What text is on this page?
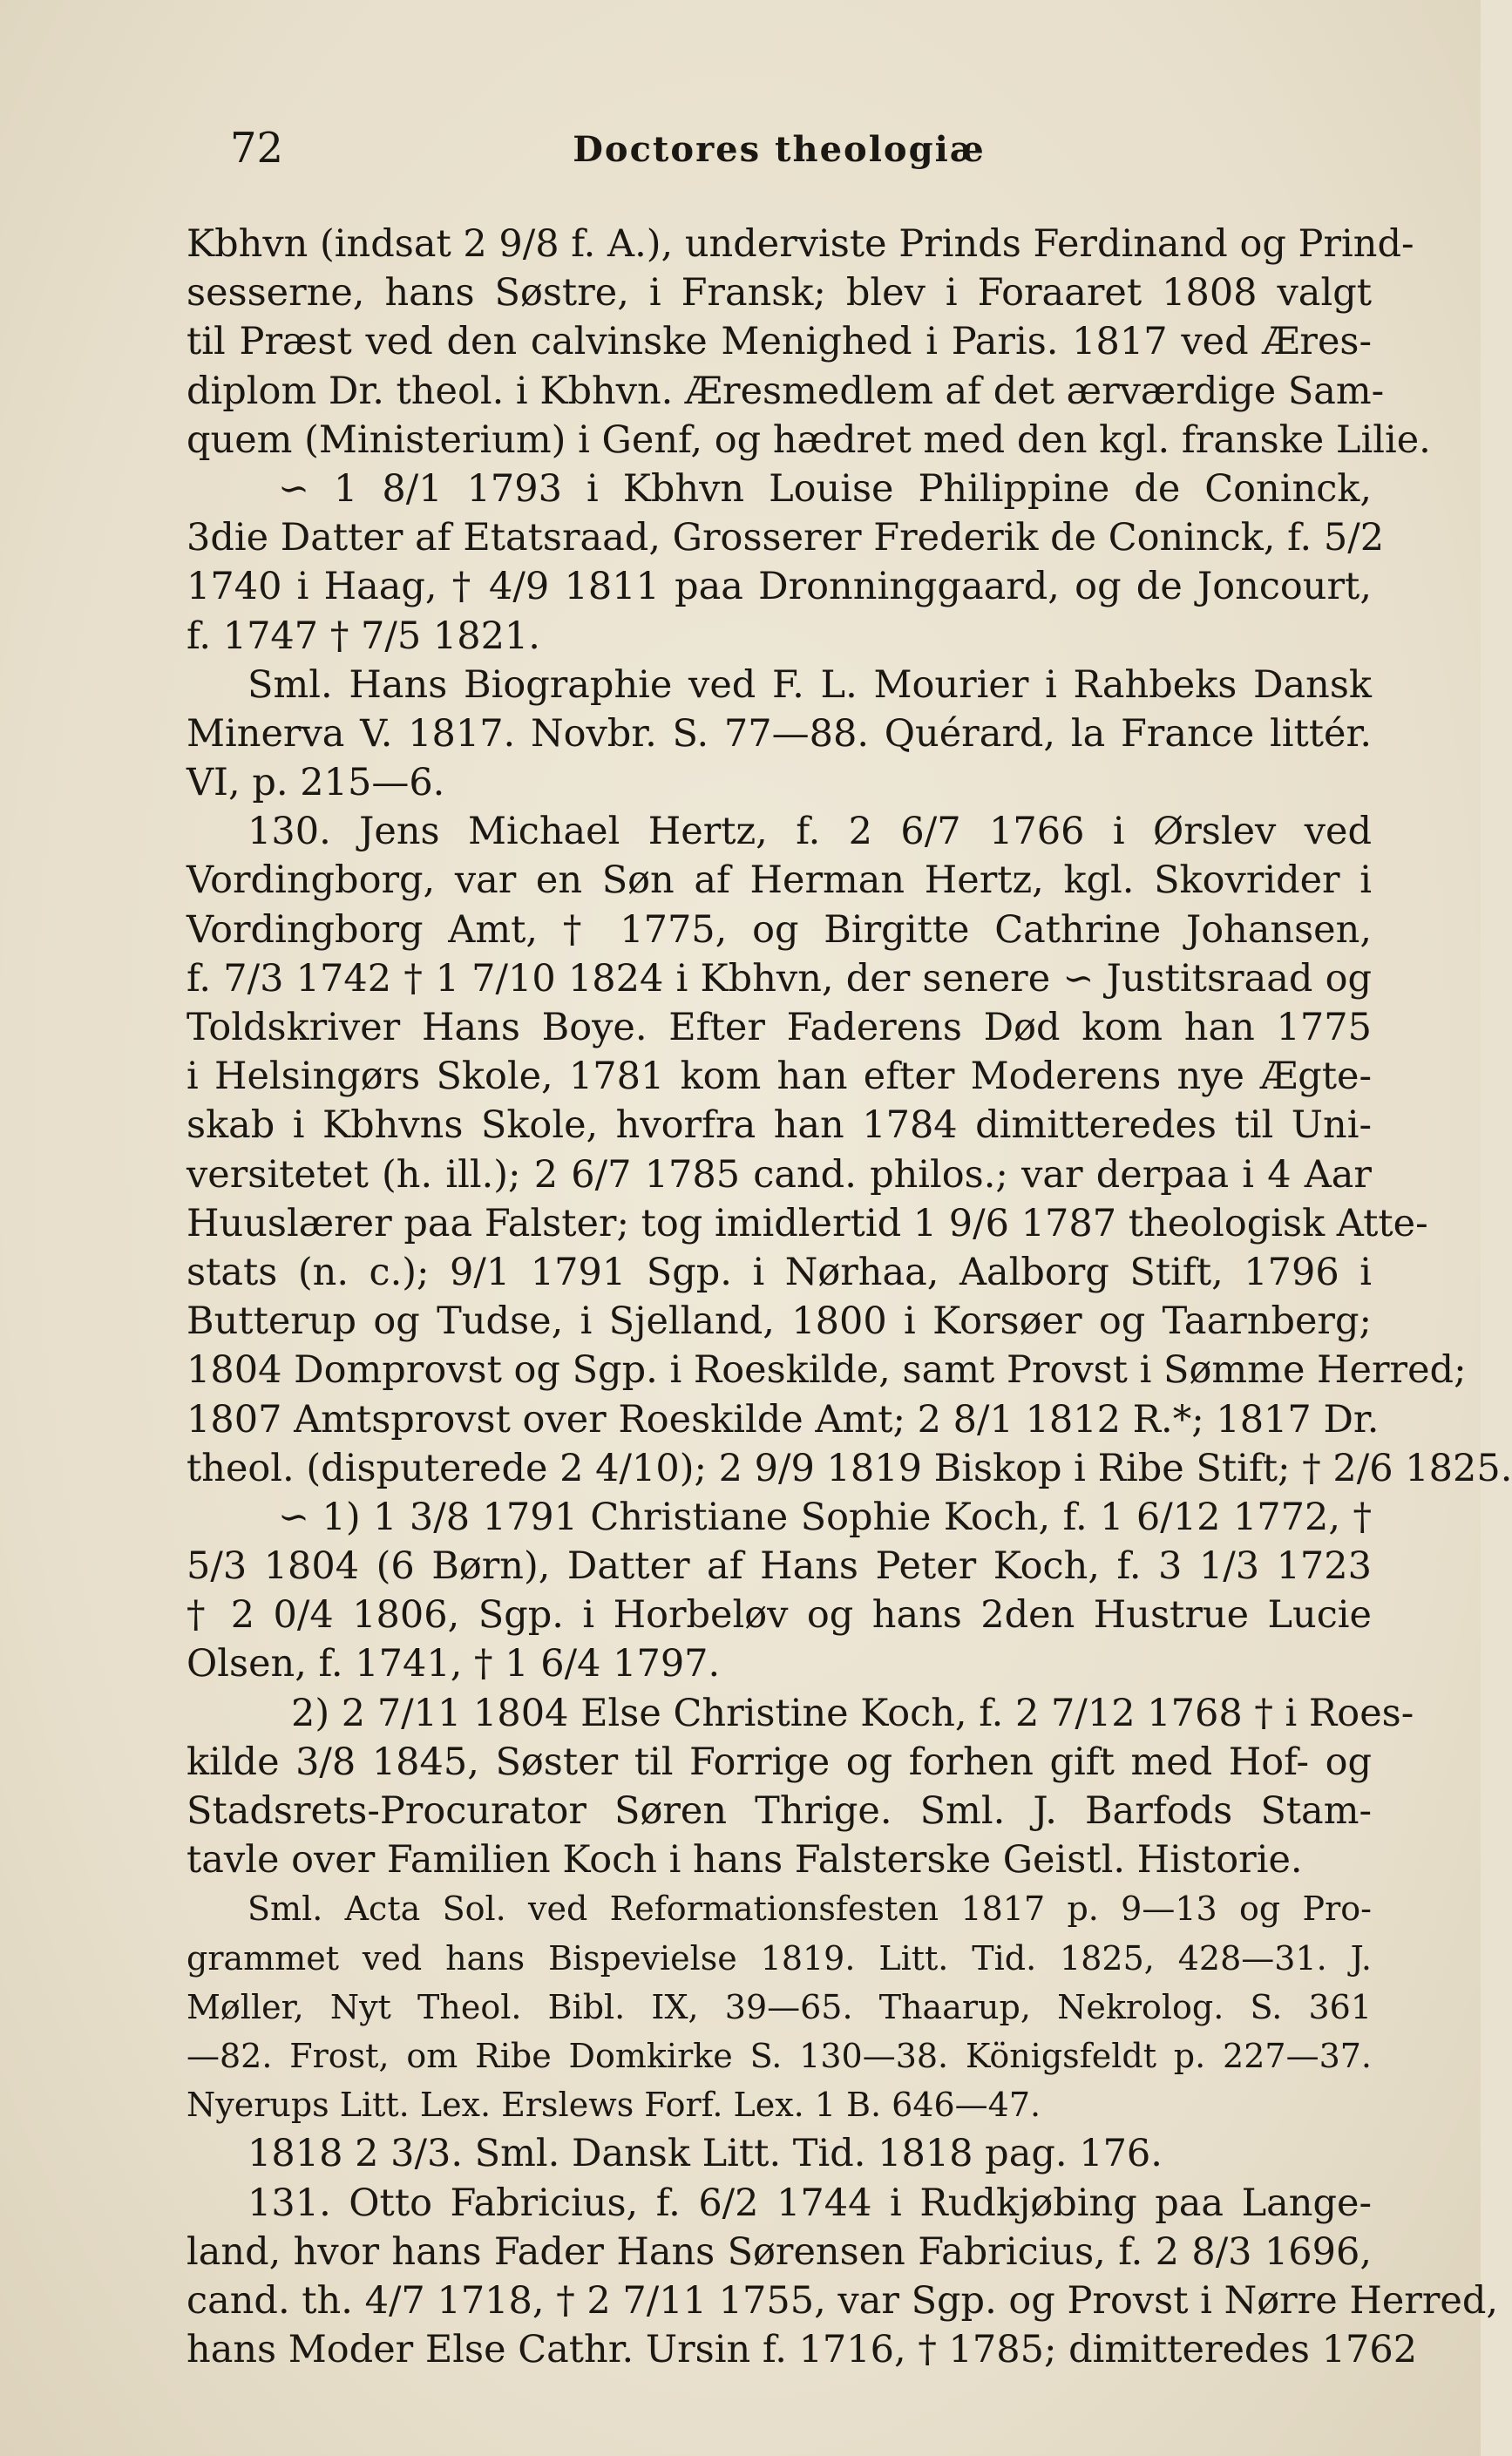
72	Doctores theologiæ
Kbhvn (indsat 2 9/8 f. A.), underviste Prinds Ferdinand og Prind-
sesserne, hans Søstre, i Fransk; blev i Foraaret 1808 valgt
til Præst ved den calvinske Menighed i Paris. 1817 ved Æres-
diplom Dr. theol. i Kbhvn. Æresmedlem af det ærværdige Sam-
quem (Ministerium) i Genf, og hædret med den kgl. franske Lilie.
∽ 1 8/1 1793 i Kbhvn Louise Philippine de Coninck,
3die Datter af Etatsraad, Grosserer Frederik de Coninck, f. 5/2
1740 i Haag, † 4/9 1811 paa Dronninggaard, og de Joncourt,
f. 1747 † 7/5 1821.
Sml. Hans Biographie ved F. L. Mourier i Rahbeks Dansk
Minerva V. 1817. Novbr. S. 77—88. Quérard, la France littér.
VI, p. 215—6.
130. Jens Michael Hertz, f. 2 6/7 1766 i Ørslev ved
Vordingborg, var en Søn af Herman Hertz, kgl. Skovrider i
Vordingborg Amt, † 1775, og Birgitte Cathrine Johansen,
f. 7/3 1742 † 1 7/10 1824 i Kbhvn, der senere ∽ Justitsraad og
Toldskriver Hans Boye. Efter Faderens Død kom han 1775
i Helsingørs Skole, 1781 kom han efter Moderens nye Ægte-
skab i Kbhvns Skole, hvorfra han 1784 dimitteredes til Uni-
versitetet (h. ill.); 2 6/7 1785 cand. philos.; var derpaa i 4 Aar
Huuslærer paa Falster; tog imidlertid 1 9/6 1787 theologisk Atte-
stats (n. c.); 9/1 1791 Sgp. i Nørhaa, Aalborg Stift, 1796 i
Butterup og Tudse, i Sjelland, 1800 i Korsøer og Taarnberg;
1804 Domprovst og Sgp. i Roeskilde, samt Provst i Sømme Herred;
1807 Amtsprovst over Roeskilde Amt; 2 8/1 1812 R.*; 1817 Dr.
theol. (disputerede 2 4/10); 2 9/9 1819 Biskop i Ribe Stift; † 2/6 1825.
∽ 1) 1 3/8 1791 Christiane Sophie Koch, f. 1 6/12 1772, †
5/3 1804 (6 Børn), Datter af Hans Peter Koch, f. 3 1/3 1723
† 2 0/4 1806, Sgp. i Horbeløv og hans 2den Hustrue Lucie
Olsen, f. 1741, † 1 6/4 1797.
2) 2 7/11 1804 Else Christine Koch, f. 2 7/12 1768 † i Roes-
kilde 3/8 1845, Søster til Forrige og forhen gift med Hof- og
Stadsrets-Procurator Søren Thrige. Sml. J. Barfods Stam-
tavle over Familien Koch i hans Falsterske Geistl. Historie.
Sml. Acta Sol. ved Reformationsfesten 1817 p. 9—13 og Pro-
grammet ved hans Bispevielse 1819. Litt. Tid. 1825, 428—31. J.
Møller, Nyt Theol. Bibl. IX, 39—65. Thaarup, Nekrolog. S. 361
—82. Frost, om Ribe Domkirke S. 130—38. Königsfeldt p. 227—37.
Nyerups Litt. Lex. Erslews Forf. Lex. 1 B. 646—47.
1818 2 3/3. Sml. Dansk Litt. Tid. 1818 pag. 176.
131. Otto Fabricius, f. 6/2 1744 i Rudkjøbing paa Lange-
land, hvor hans Fader Hans Sørensen Fabricius, f. 2 8/3 1696,
cand. th. 4/7 1718, † 2 7/11 1755, var Sgp. og Provst i Nørre Herred,
hans Moder Else Cathr. Ursin f. 1716, † 1785; dimitteredes 1762
